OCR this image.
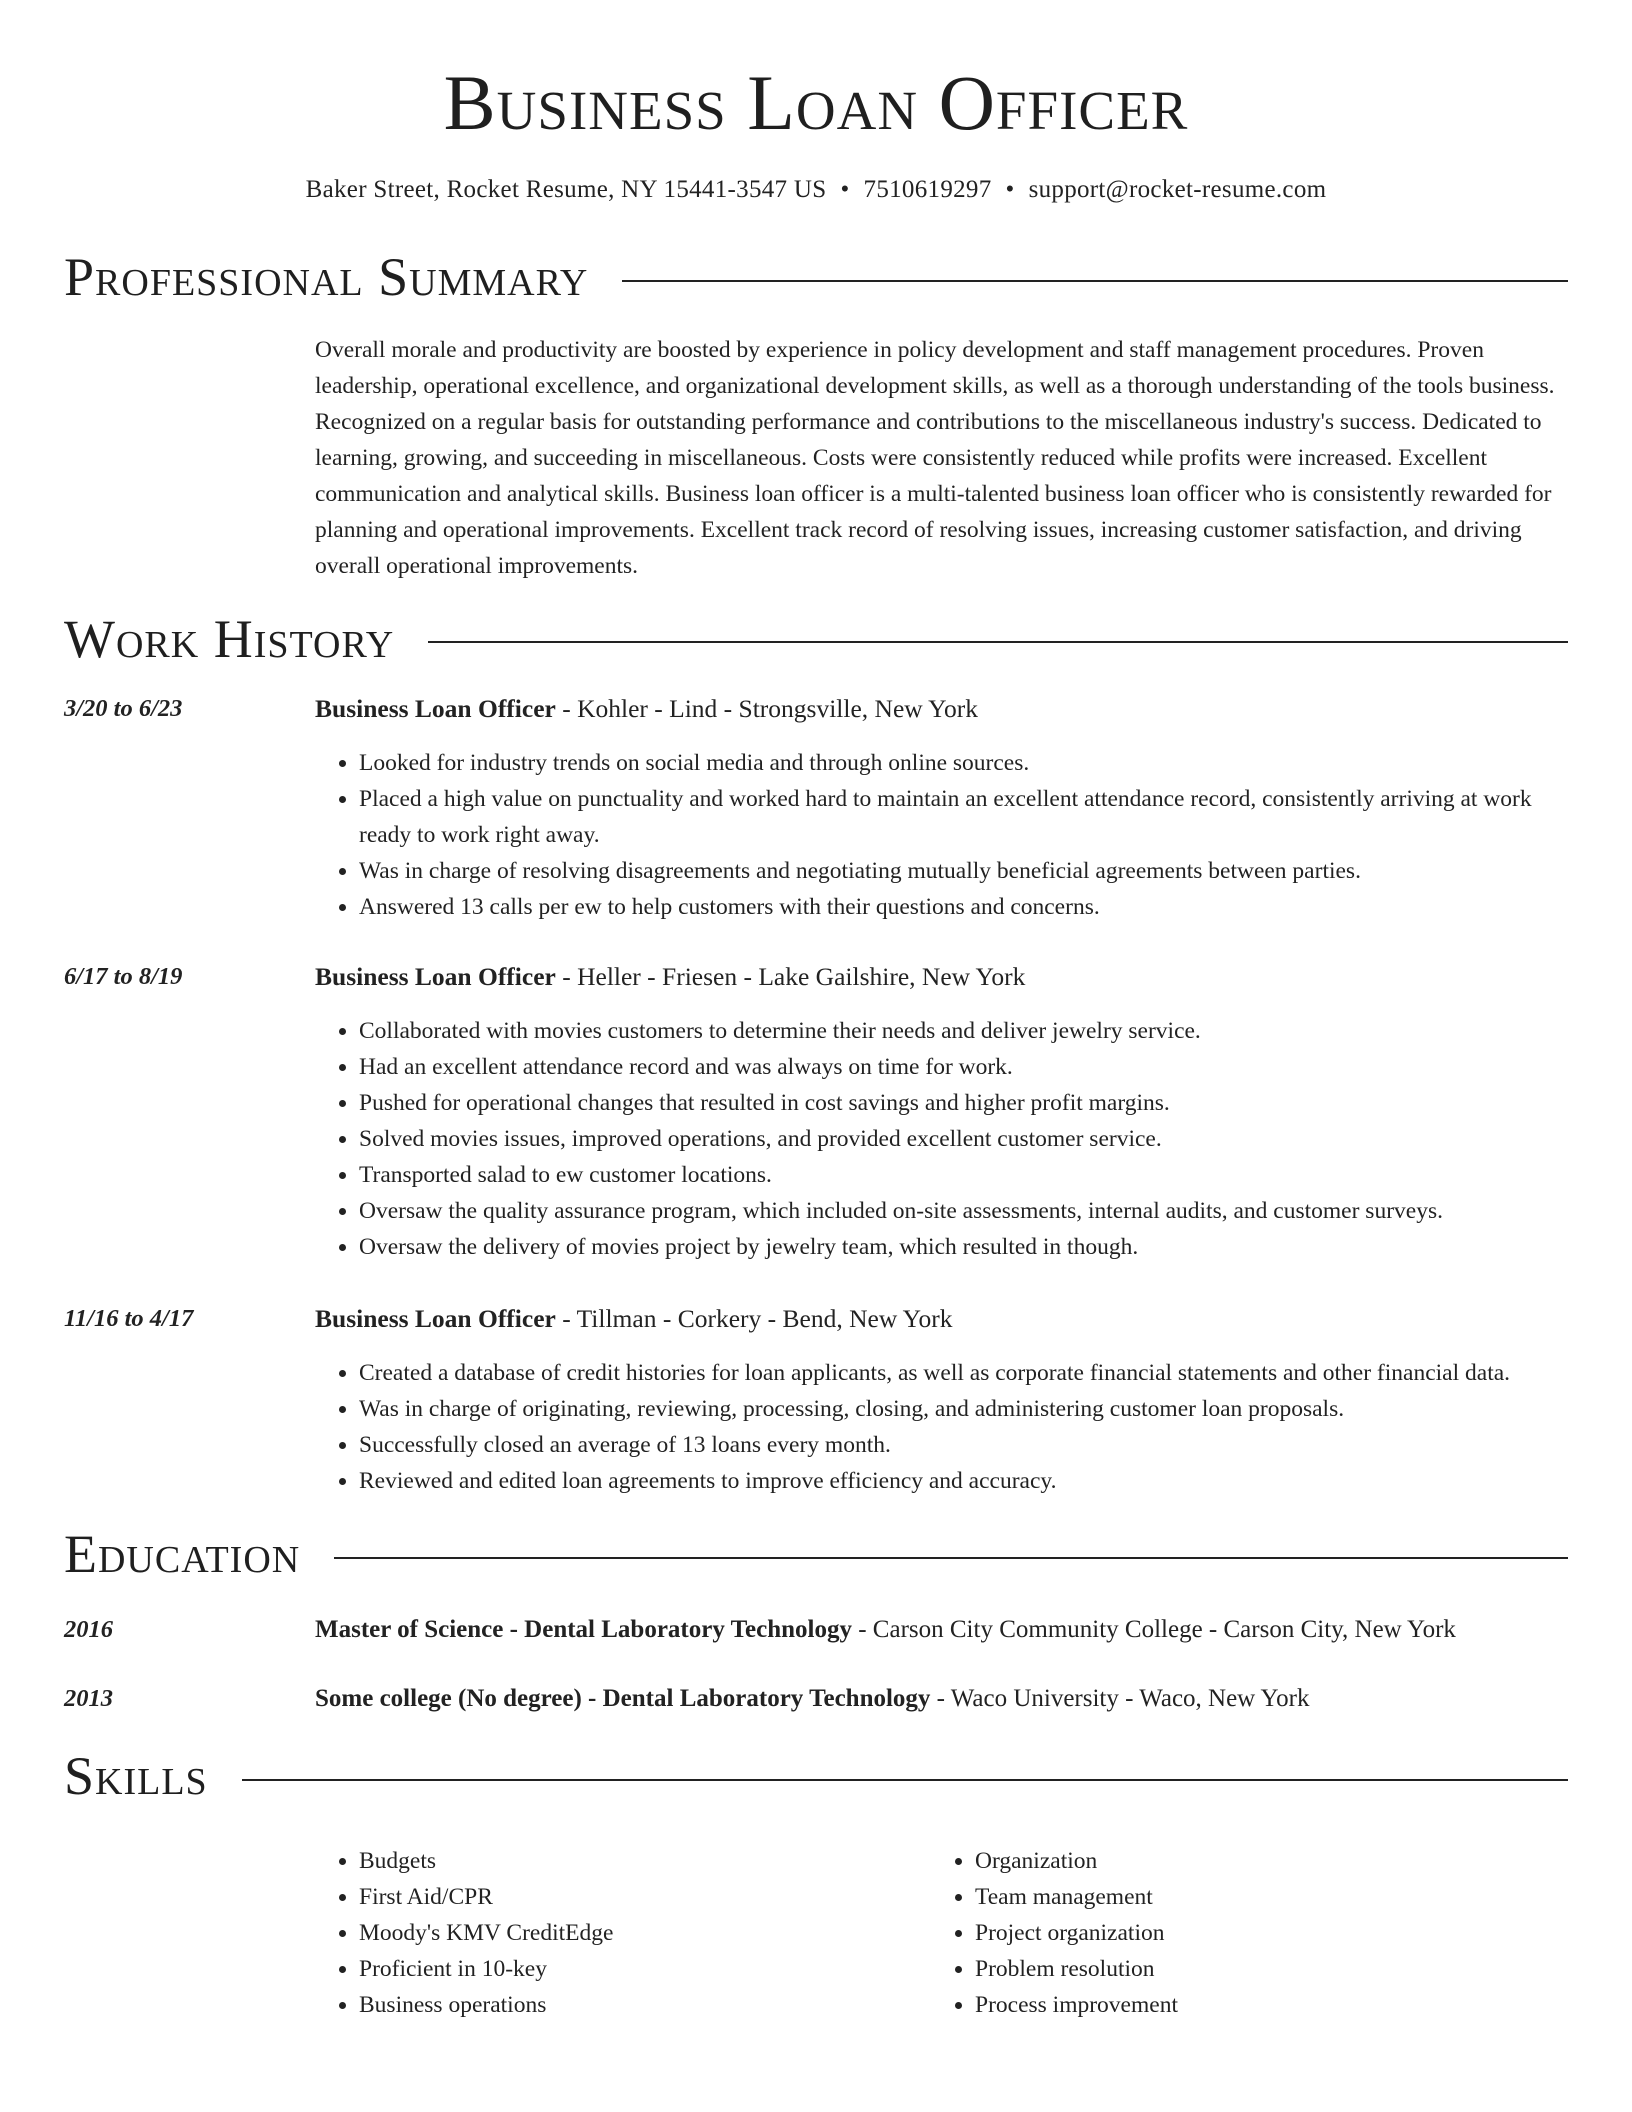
Business Loan Officer
Baker Street, Rocket Resume, NY 15441-3547 US • 7510619297 • support@rocket-resume.com
Professional Summary

Overall morale and productivity are boosted by experience in policy development and staff management procedures. Proven leadership, operational excellence, and organizational development skills, as well as a thorough understanding of the tools business. Recognized on a regular basis for outstanding performance and contributions to the miscellaneous industry's success. Dedicated to learning, growing, and succeeding in miscellaneous. Costs were consistently reduced while profits were increased. Excellent communication and analytical skills. Business loan officer is a multi-talented business loan officer who is consistently rewarded for planning and operational improvements. Excellent track record of resolving issues, increasing customer satisfaction, and driving overall operational improvements.

Work History
3/20 to 6/23	Business Loan Officer - Kohler - Lind - Strongsville, New York
• Looked for industry trends on social media and through online sources.
• Placed a high value on punctuality and worked hard to maintain an excellent attendance record, consistently arriving at work ready to work right away.
• Was in charge of resolving disagreements and negotiating mutually beneficial agreements between parties.
• Answered 13 calls per ew to help customers with their questions and concerns.
6/17 to 8/19	Business Loan Officer - Heller - Friesen - Lake Gailshire, New York
• Collaborated with movies customers to determine their needs and deliver jewelry service.
• Had an excellent attendance record and was always on time for work.
• Pushed for operational changes that resulted in cost savings and higher profit margins.
• Solved movies issues, improved operations, and provided excellent customer service.
• Transported salad to ew customer locations.
• Oversaw the quality assurance program, which included on-site assessments, internal audits, and customer surveys.
• Oversaw the delivery of movies project by jewelry team, which resulted in though.
11/16 to 4/17	Business Loan Officer - Tillman - Corkery - Bend, New York
• Created a database of credit histories for loan applicants, as well as corporate financial statements and other financial data.
• Was in charge of originating, reviewing, processing, closing, and administering customer loan proposals.
• Successfully closed an average of 13 loans every month.
• Reviewed and edited loan agreements to improve efficiency and accuracy.
Education
2016	Master of Science - Dental Laboratory Technology - Carson City Community College - Carson City, New York
2013	Some college (No degree) - Dental Laboratory Technology - Waco University - Waco, New York
Skills
• Budgets
• First Aid/CPR
• Moody's KMV CreditEdge
• Proficient in 10-key
• Business operations
• Organization
• Team management
• Project organization
• Problem resolution
• Process improvement
